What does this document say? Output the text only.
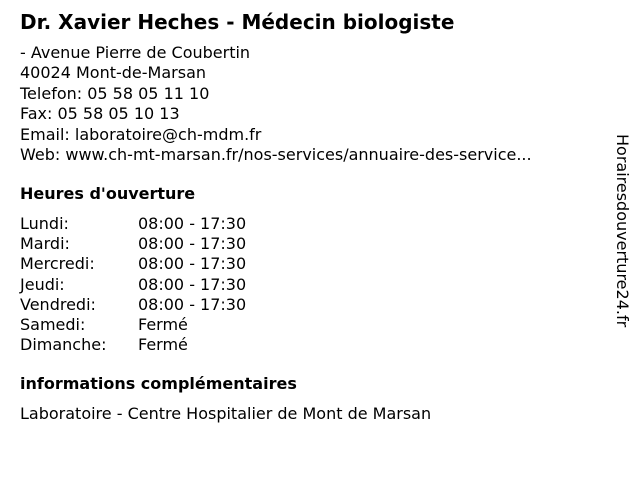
Dr. Xavier Heches - Médecin biologiste
- Avenue Pierre de Coubertin
40024 Mont-de-Marsan
Telefon: 05 58 05 11 10
Fax: 05 58 05 10 13
Email: laboratoire@ch-mdm.fr
Web: www.ch-mt-marsan.fr/nos-services/annuaire-des-service...
Heures d'ouverture
Lundi:	08:00 - 17:30
Mardi:	08:00 - 17:30
Mercredi:	08:00 - 17:30
Jeudi:	08:00 - 17:30
Vendredi:	08:00 - 17:30
Samedi:	Fermé
Dimanche: Fermé
informations complémentaires
Laboratoire - Centre Hospitalier de Mont de Marsan
Horairesdouverture24.fr
